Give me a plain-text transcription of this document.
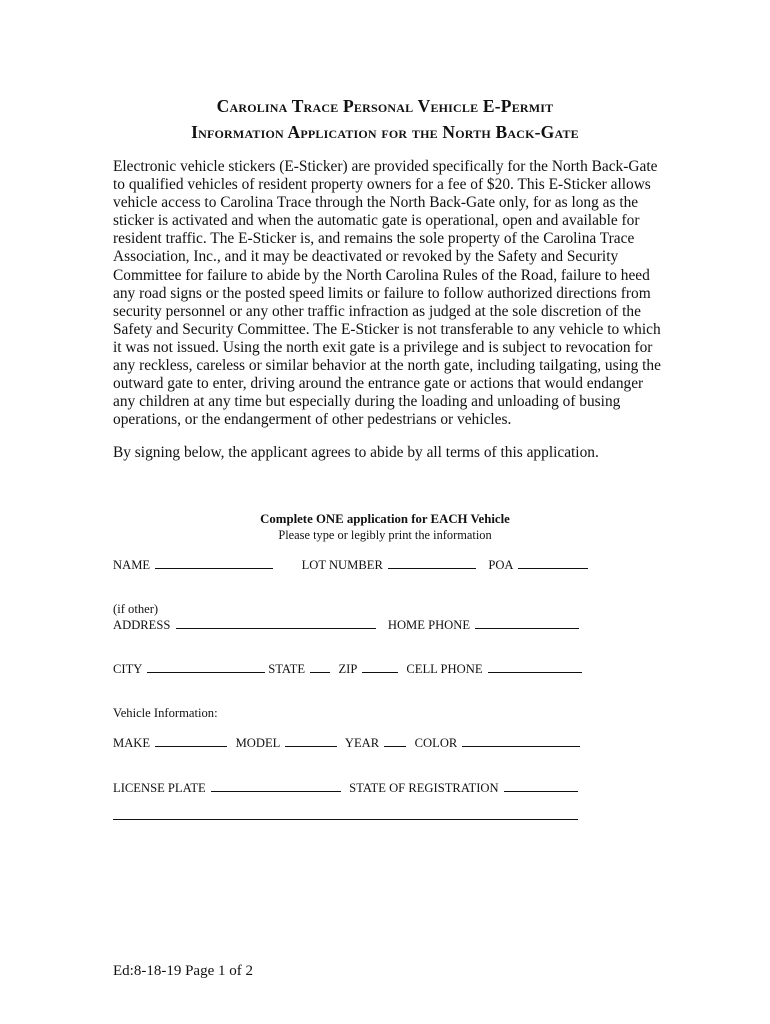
Carolina Trace Personal Vehicle E-Permit
Information Application for the North Back-Gate

Electronic vehicle stickers (E-Sticker) are provided specifically for the North Back-Gate to qualified vehicles of resident property owners for a fee of $20. This E-Sticker allows vehicle access to Carolina Trace through the North Back-Gate only, for as long as the sticker is activated and when the automatic gate is operational, open and available for resident traffic. The E-Sticker is, and remains the sole property of the Carolina Trace Association, Inc., and it may be deactivated or revoked by the Safety and Security Committee for failure to abide by the North Carolina Rules of the Road, failure to heed any road signs or the posted speed limits or failure to follow authorized directions from security personnel or any other traffic infraction as judged at the sole discretion of the Safety and Security Committee. The E-Sticker is not transferable to any vehicle to which it was not issued. Using the north exit gate is a privilege and is subject to revocation for any reckless, careless or similar behavior at the north gate, including tailgating, using the outward gate to enter, driving around the entrance gate or actions that would endanger any children at any time but especially during the loading and unloading of busing operations, or the endangerment of other pedestrians or vehicles.

By signing below, the applicant agrees to abide by all terms of this application.

Complete ONE application for EACH Vehicle
Please type or legibly print the information
NAME	LOT NUMBER	POA
(if other)
ADDRESS	HOME PHONE
CITY	STATE	ZIP	CELL PHONE
Vehicle Information:
MAKE	MODEL	YEAR	COLOR
LICENSE PLATE	STATE OF REGISTRATION
Ed:8-18-19 Page 1 of 2
